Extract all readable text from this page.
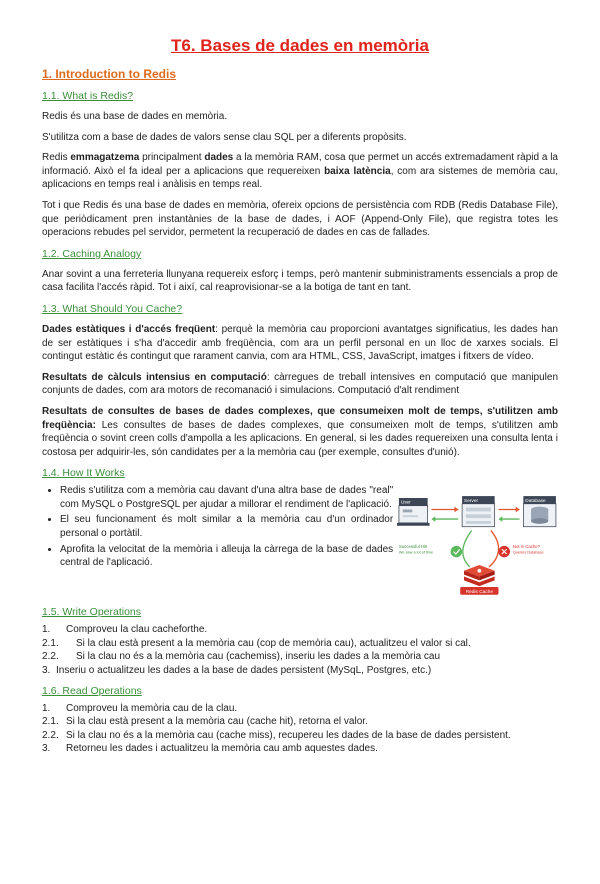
T6. Bases de dades en memòria
1. Introduction to Redis
1.1. What is Redis?

Redis és una base de dades en memòria.

S'utilitza com a base de dades de valors sense clau SQL per a diferents propòsits.

Redis emmagatzema principalment dades a la memòria RAM, cosa que permet un accés extremadament ràpid a la informació. Això el fa ideal per a aplicacions que requereixen baixa latència, com ara sistemes de memòria cau, aplicacions en temps real i anàlisis en temps real.

Tot i que Redis és una base de dades en memòria, ofereix opcions de persistència com RDB (Redis Database File), que periòdicament pren instantànies de la base de dades, i AOF (Append-Only File), que registra totes les operacions rebudes pel servidor, permetent la recuperació de dades en cas de fallades.

1.2. Caching Analogy

Anar sovint a una ferreteria llunyana requereix esforç i temps, però mantenir subministraments essencials a prop de casa facilita l'accés ràpid. Tot i així, cal reaprovisionar-se a la botiga de tant en tant.

1.3. What Should You Cache?

Dades estàtiques i d'accés freqüent: perquè la memòria cau proporcioni avantatges significatius, les dades han de ser estàtiques i s'ha d'accedir amb freqüència, com ara un perfil personal en un lloc de xarxes socials. El contingut estàtic és contingut que rarament canvia, com ara HTML, CSS, JavaScript, imatges i fitxers de vídeo.

Resultats de càlculs intensius en computació: càrregues de treball intensives en computació que manipulen conjunts de dades, com ara motors de recomanació i simulacions. Computació d'alt rendiment

Resultats de consultes de bases de dades complexes, que consumeixen molt de temps, s'utilitzen amb freqüència: Les consultes de bases de dades complexes, que consumeixen molt de temps, s'utilitzen amb freqüència o sovint creen colls d'ampolla a les aplicacions. En general, si les dades requereixen una consulta lenta i costosa per adquirir-les, són candidates per a la memòria cau (per exemple, consultes d'unió).

1.4. How It Works
• Redis s'utilitza com a memòria cau davant d'una altra base de dades "real" com MySQL o PostgreSQL per ajudar a millorar el rendiment de l'aplicació.
• El seu funcionament és molt similar a la memòria cau d'un ordinador personal o portàtil.
• Aprofita la velocitat de la memòria i alleuja la càrrega de la base de dades central de l'aplicació.
User	Server	Database
Successful Hit!
We saw a lot of time
Not in Cache?
Queries Database
Redis Cache
1.5. Write Operations
1.	Comproveu la clau cacheforthe.
2.1.	Si la clau està present a la memòria cau (cop de memòria cau), actualitzeu el valor si cal.
2.2.	Si la clau no és a la memòria cau (cachemiss), inseriu les dades a la memòria cau
3. Inseriu o actualitzeu les dades a la base de dades persistent (MySqL, Postgres, etc.)
1.6. Read Operations
1.	Comproveu la memòria cau de la clau.
2.1. Si la clau està present a la memòria cau (cache hit), retorna el valor.
2.2. Si la clau no és a la memòria cau (cache miss), recupereu les dades de la base de dades persistent.
3.	Retorneu les dades i actualitzeu la memòria cau amb aquestes dades.
